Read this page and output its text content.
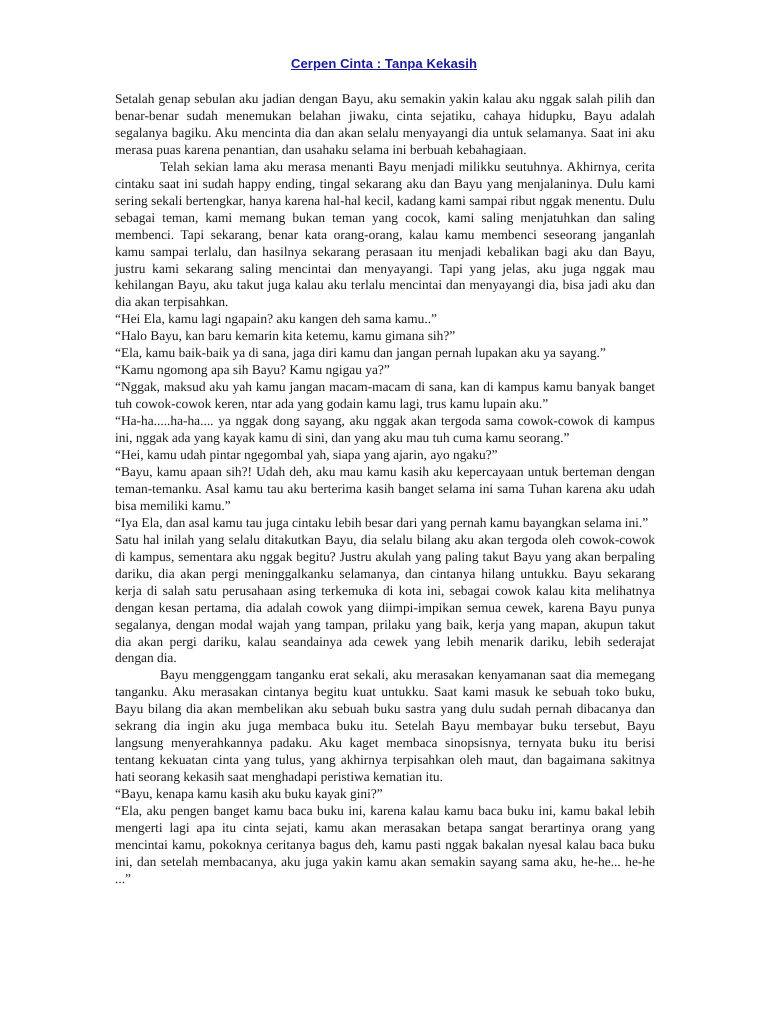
Cerpen Cinta : Tanpa Kekasih

Setalah genap sebulan aku jadian dengan Bayu, aku semakin yakin kalau aku nggak salah pilih dan benar-benar sudah menemukan belahan jiwaku, cinta sejatiku, cahaya hidupku, Bayu adalah segalanya bagiku. Aku mencinta dia dan akan selalu menyayangi dia untuk selamanya. Saat ini aku merasa puas karena penantian, dan usahaku selama ini berbuah kebahagiaan.

Telah sekian lama aku merasa menanti Bayu menjadi milikku seutuhnya. Akhirnya, cerita cintaku saat ini sudah happy ending, tingal sekarang aku dan Bayu yang menjalaninya. Dulu kami sering sekali bertengkar, hanya karena hal-hal kecil, kadang kami sampai ribut nggak menentu. Dulu sebagai teman, kami memang bukan teman yang cocok, kami saling menjatuhkan dan saling membenci. Tapi sekarang, benar kata orang-orang, kalau kamu membenci seseorang janganlah kamu sampai terlalu, dan hasilnya sekarang perasaan itu menjadi kebalikan bagi aku dan Bayu, justru kami sekarang saling mencintai dan menyayangi. Tapi yang jelas, aku juga nggak mau kehilangan Bayu, aku takut juga kalau aku terlalu mencintai dan menyayangi dia, bisa jadi aku dan dia akan terpisahkan.

“Hei Ela, kamu lagi ngapain? aku kangen deh sama kamu..”

“Halo Bayu, kan baru kemarin kita ketemu, kamu gimana sih?”

“Ela, kamu baik-baik ya di sana, jaga diri kamu dan jangan pernah lupakan aku ya sayang.”

“Kamu ngomong apa sih Bayu? Kamu ngigau ya?”

“Nggak, maksud aku yah kamu jangan macam-macam di sana, kan di kampus kamu banyak banget tuh cowok-cowok keren, ntar ada yang godain kamu lagi, trus kamu lupain aku.”

“Ha-ha.....ha-ha.... ya nggak dong sayang, aku nggak akan tergoda sama cowok-cowok di kampus ini, nggak ada yang kayak kamu di sini, dan yang aku mau tuh cuma kamu seorang.”

“Hei, kamu udah pintar ngegombal yah, siapa yang ajarin, ayo ngaku?”

“Bayu, kamu apaan sih?! Udah deh, aku mau kamu kasih aku kepercayaan untuk berteman dengan teman-temanku. Asal kamu tau aku berterima kasih banget selama ini sama Tuhan karena aku udah bisa memiliki kamu.”

“Iya Ela, dan asal kamu tau juga cintaku lebih besar dari yang pernah kamu bayangkan selama ini.”

Satu hal inilah yang selalu ditakutkan Bayu, dia selalu bilang aku akan tergoda oleh cowok-cowok di kampus, sementara aku nggak begitu? Justru akulah yang paling takut Bayu yang akan berpaling dariku, dia akan pergi meninggalkanku selamanya, dan cintanya hilang untukku. Bayu sekarang kerja di salah satu perusahaan asing terkemuka di kota ini, sebagai cowok kalau kita melihatnya dengan kesan pertama, dia adalah cowok yang diimpi-impikan semua cewek, karena Bayu punya segalanya, dengan modal wajah yang tampan, prilaku yang baik, kerja yang mapan, akupun takut dia akan pergi dariku, kalau seandainya ada cewek yang lebih menarik dariku, lebih sederajat dengan dia.

Bayu menggenggam tanganku erat sekali, aku merasakan kenyamanan saat dia memegang tanganku. Aku merasakan cintanya begitu kuat untukku. Saat kami masuk ke sebuah toko buku, Bayu bilang dia akan membelikan aku sebuah buku sastra yang dulu sudah pernah dibacanya dan sekrang dia ingin aku juga membaca buku itu. Setelah Bayu membayar buku tersebut, Bayu langsung menyerahkannya padaku. Aku kaget membaca sinopsisnya, ternyata buku itu berisi tentang kekuatan cinta yang tulus, yang akhirnya terpisahkan oleh maut, dan bagaimana sakitnya hati seorang kekasih saat menghadapi peristiwa kematian itu.

“Bayu, kenapa kamu kasih aku buku kayak gini?”

“Ela, aku pengen banget kamu baca buku ini, karena kalau kamu baca buku ini, kamu bakal lebih mengerti lagi apa itu cinta sejati, kamu akan merasakan betapa sangat berartinya orang yang mencintai kamu, pokoknya ceritanya bagus deh, kamu pasti nggak bakalan nyesal kalau baca buku ini, dan setelah membacanya, aku juga yakin kamu akan semakin sayang sama aku, he-he... he-he ...”
